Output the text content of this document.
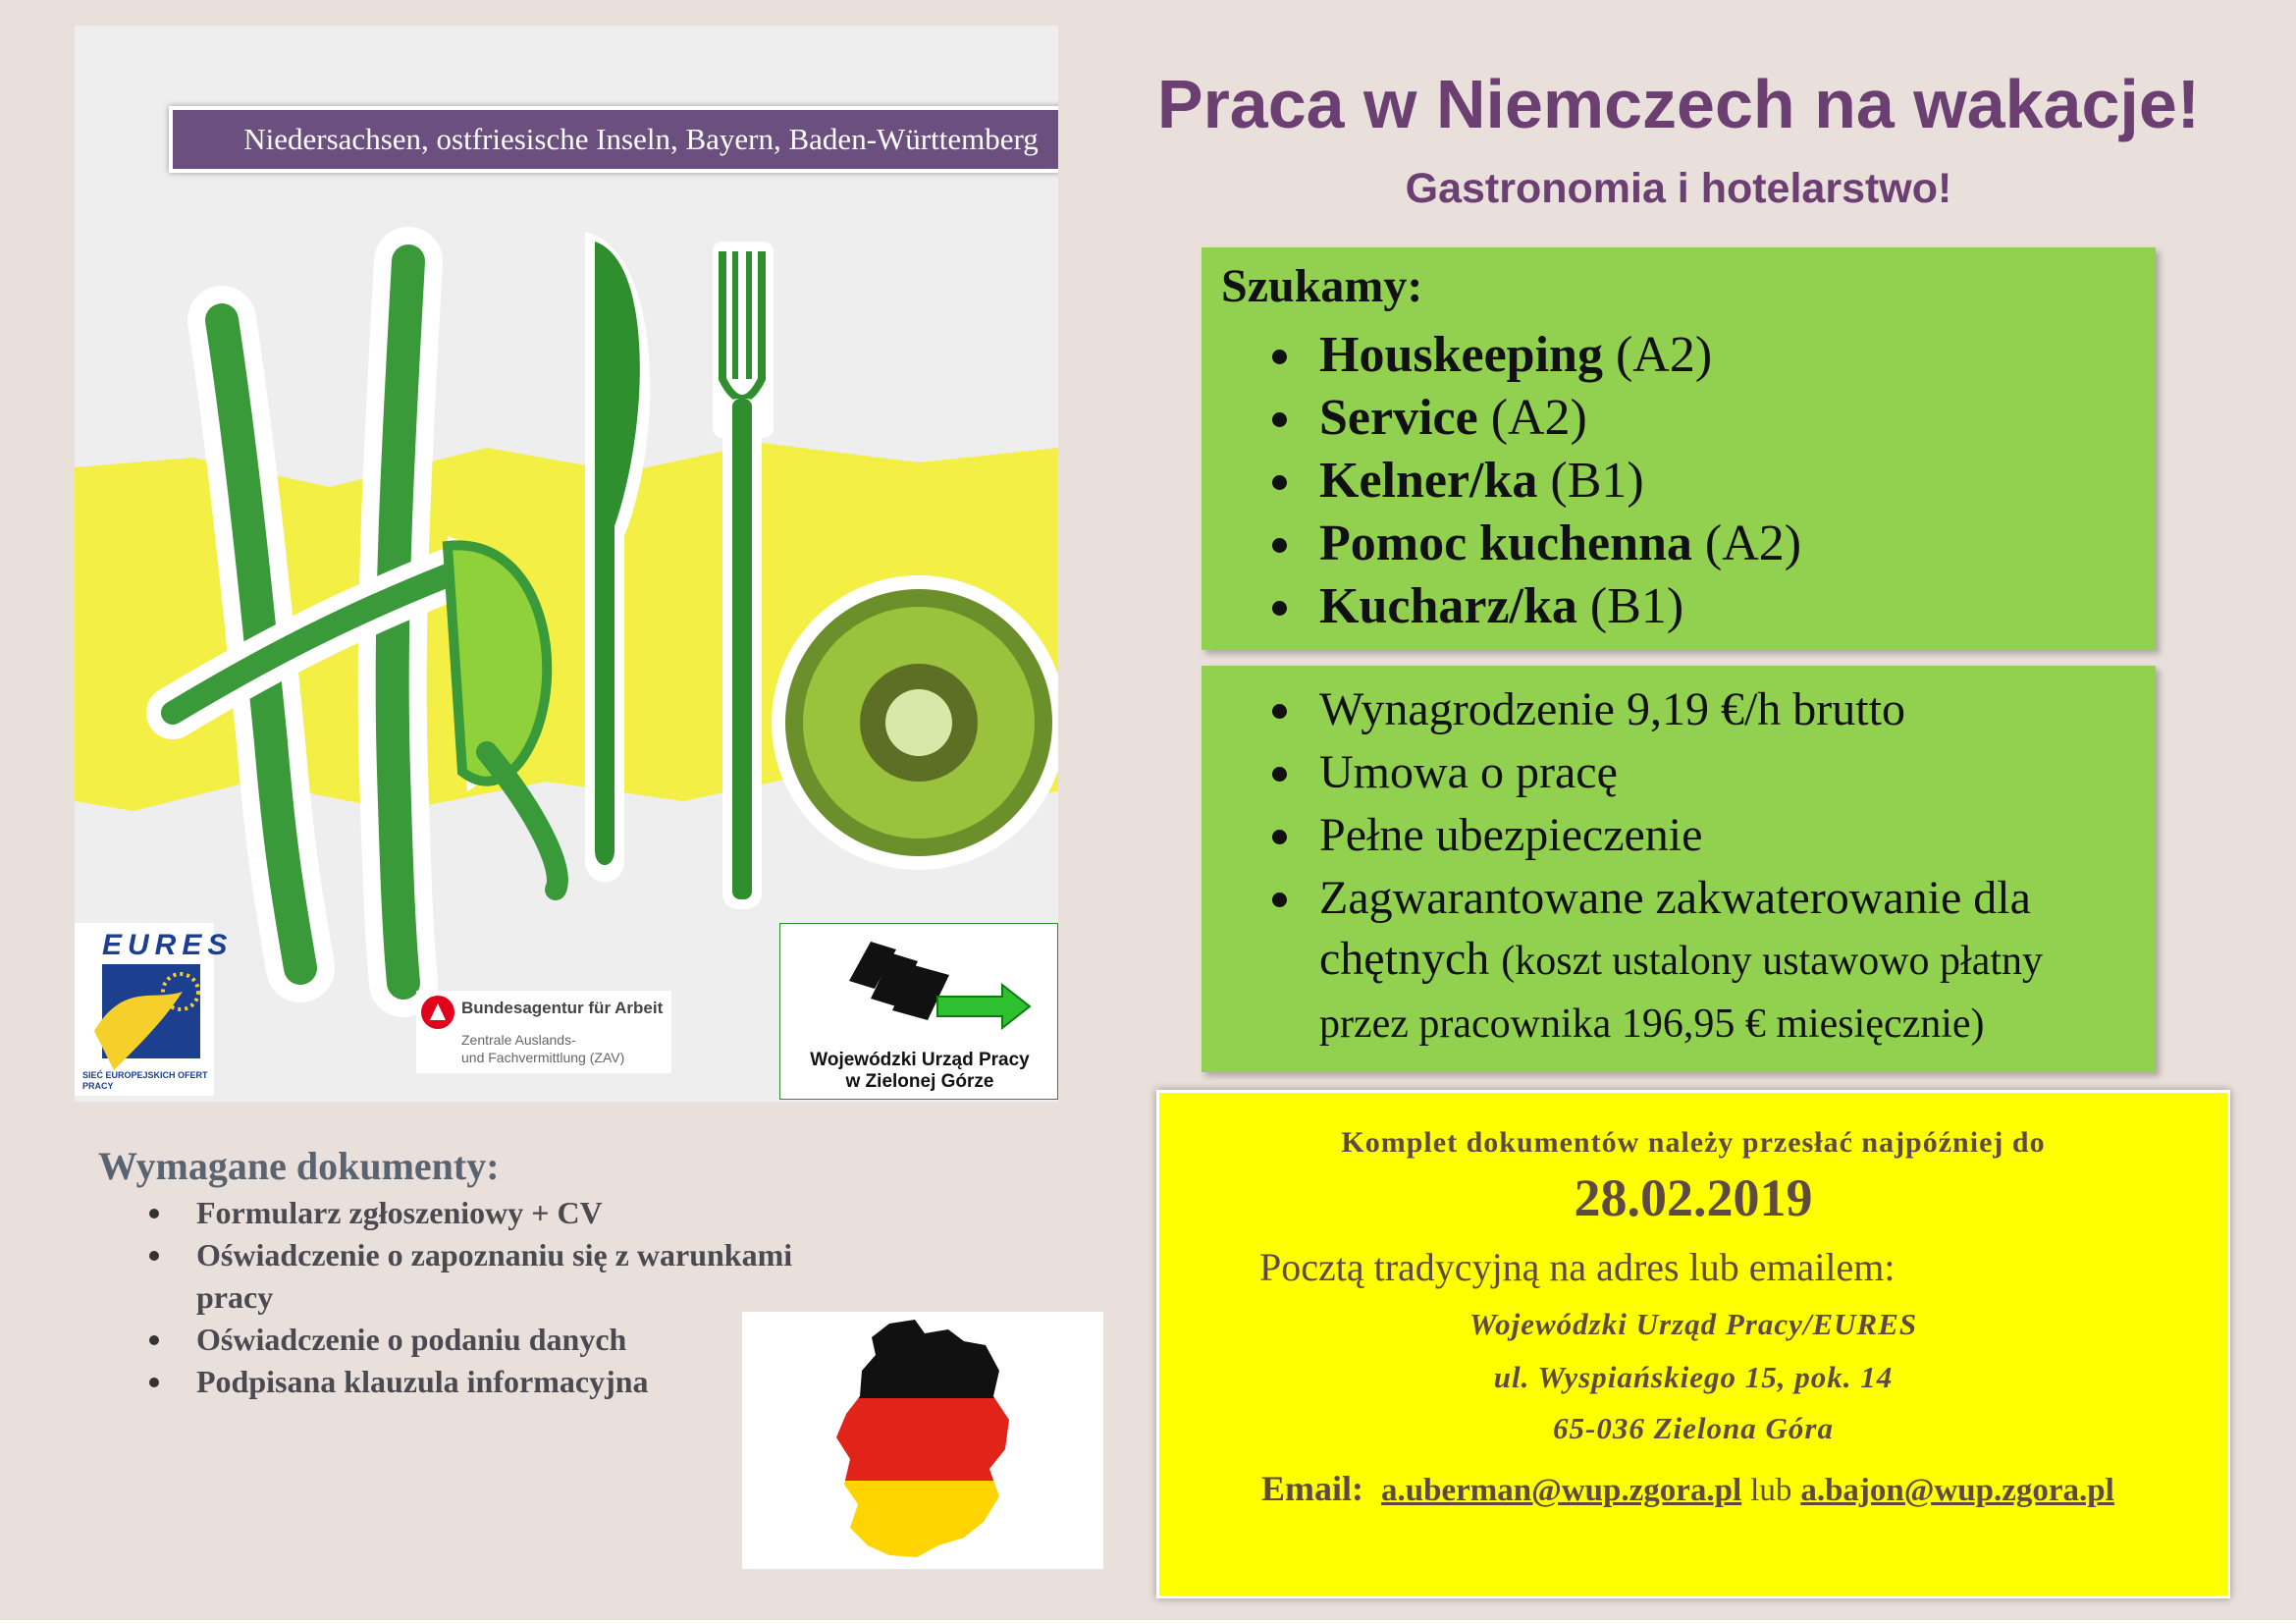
Niedersachsen, ostfriesische Inseln, Bayern, Baden-Württemberg
EURES
SIEĆ EUROPEJSKICH OFERT PRACY
Bundesagentur für Arbeit
Zentrale Auslands-
und Fachvermittlung (ZAV)	Wojewódzki Urząd Pracy
w Zielonej Górze
Praca w Niemczech na wakacje!
Gastronomia i hotelarstwo!
Szukamy:
Houskeeping (A2)
Service (A2)
Kelner/ka (B1)
Pomoc kuchenna (A2)
Kucharz/ka (B1)
Wynagrodzenie 9,19 €/h brutto
Umowa o pracę
Pełne ubezpieczenie
Zagwarantowane zakwaterowanie dla chętnych (koszt ustalony ustawowo płatny przez pracownika 196,95 € miesięcznie)
Komplet dokumentów należy przesłać najpóźniej do
28.02.2019
Pocztą tradycyjną na adres lub emailem:
Wojewódzki Urząd Pracy/EURES
ul. Wyspiańskiego 15, pok. 14
65-036 Zielona Góra
Email: a.uberman@wup.zgora.pl lub a.bajon@wup.zgora.pl
Wymagane dokumenty:
Formularz zgłoszeniowy + CV
Oświadczenie o zapoznaniu się z warunkami pracy
Oświadczenie o podaniu danych
Podpisana klauzula informacyjna
